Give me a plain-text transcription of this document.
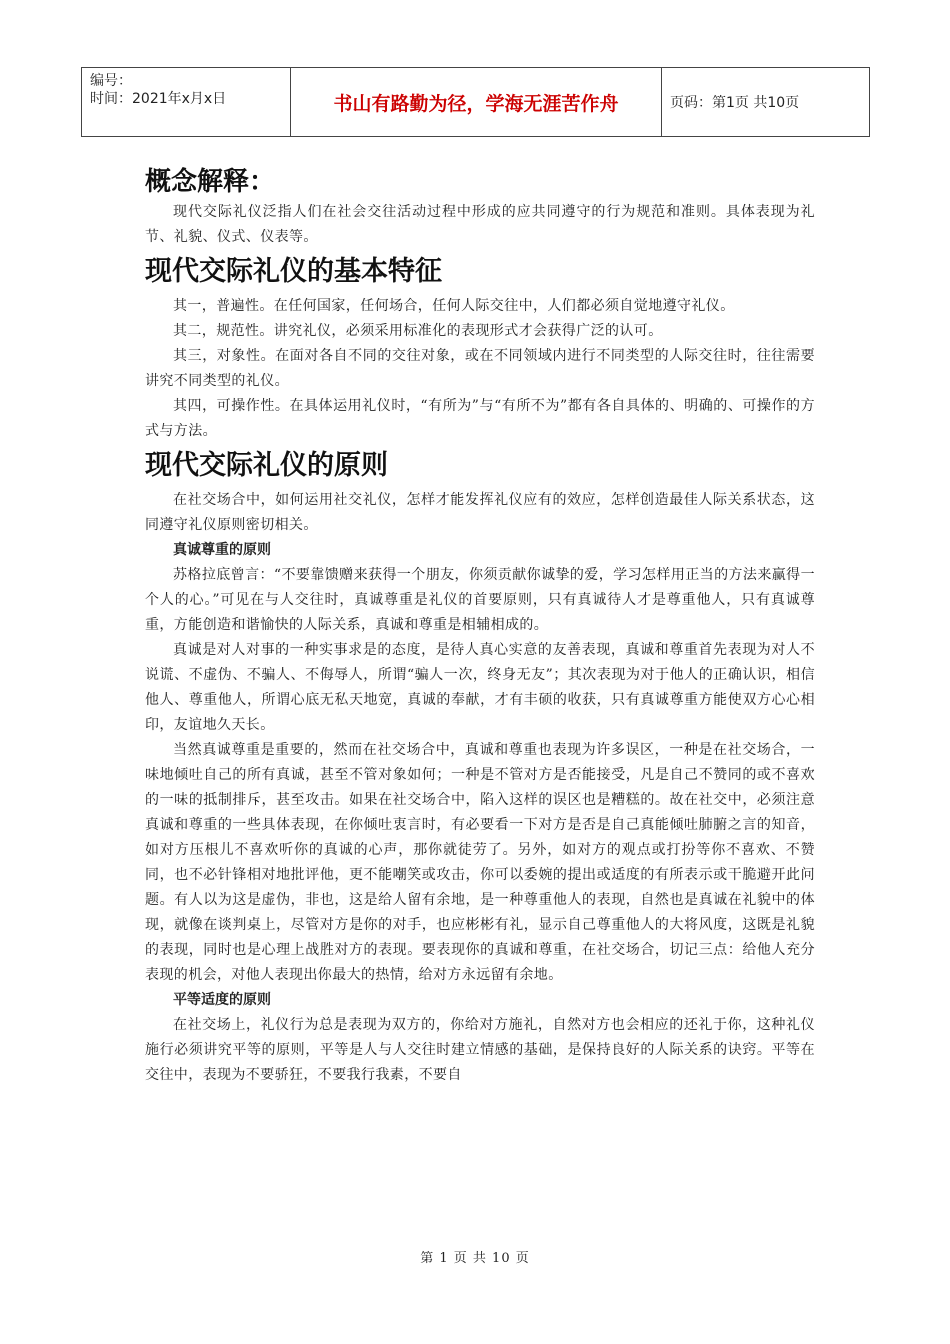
编号：
时间：2021年x月x日	书山有路勤为径，学海无涯苦作舟	页码：第1页 共10页
概念解释：

现代交际礼仪泛指人们在社会交往活动过程中形成的应共同遵守的行为规范和准则。具体表现为礼节、礼貌、仪式、仪表等。

现代交际礼仪的基本特征

其一，普遍性。在任何国家，任何场合，任何人际交往中，人们都必须自觉地遵守礼仪。

其二，规范性。讲究礼仪，必须采用标准化的表现形式才会获得广泛的认可。

其三，对象性。在面对各自不同的交往对象，或在不同领域内进行不同类型的人际交往时，往往需要讲究不同类型的礼仪。

其四，可操作性。在具体运用礼仪时，“有所为”与“有所不为”都有各自具体的、明确的、可操作的方式与方法。

现代交际礼仪的原则

在社交场合中，如何运用社交礼仪，怎样才能发挥礼仪应有的效应，怎样创造最佳人际关系状态，这同遵守礼仪原则密切相关。

真诚尊重的原则

苏格拉底曾言：“不要靠馈赠来获得一个朋友，你须贡献你诚挚的爱，学习怎样用正当的方法来赢得一个人的心。”可见在与人交往时，真诚尊重是礼仪的首要原则，只有真诚待人才是尊重他人，只有真诚尊重，方能创造和谐愉快的人际关系，真诚和尊重是相辅相成的。

真诚是对人对事的一种实事求是的态度，是待人真心实意的友善表现，真诚和尊重首先表现为对人不说谎、不虚伪、不骗人、不侮辱人，所谓“骗人一次，终身无友”；其次表现为对于他人的正确认识，相信他人、尊重他人，所谓心底无私天地宽，真诚的奉献，才有丰硕的收获，只有真诚尊重方能使双方心心相印，友谊地久天长。

当然真诚尊重是重要的，然而在社交场合中，真诚和尊重也表现为许多误区，一种是在社交场合，一味地倾吐自己的所有真诚，甚至不管对象如何；一种是不管对方是否能接受，凡是自己不赞同的或不喜欢的一味的抵制排斥，甚至攻击。如果在社交场合中，陷入这样的误区也是糟糕的。故在社交中，必须注意真诚和尊重的一些具体表现，在你倾吐衷言时，有必要看一下对方是否是自己真能倾吐肺腑之言的知音，如对方压根儿不喜欢听你的真诚的心声，那你就徒劳了。另外，如对方的观点或打扮等你不喜欢、不赞同，也不必针锋相对地批评他，更不能嘲笑或攻击，你可以委婉的提出或适度的有所表示或干脆避开此问题。有人以为这是虚伪，非也，这是给人留有余地，是一种尊重他人的表现，自然也是真诚在礼貌中的体现，就像在谈判桌上，尽管对方是你的对手，也应彬彬有礼，显示自己尊重他人的大将风度，这既是礼貌的表现，同时也是心理上战胜对方的表现。要表现你的真诚和尊重，在社交场合，切记三点：给他人充分表现的机会，对他人表现出你最大的热情，给对方永远留有余地。

平等适度的原则

在社交场上，礼仪行为总是表现为双方的，你给对方施礼，自然对方也会相应的还礼于你，这种礼仪施行必须讲究平等的原则，平等是人与人交往时建立情感的基础，是保持良好的人际关系的诀窍。平等在交往中，表现为不要骄狂，不要我行我素，不要自

第 1 页 共 10 页
